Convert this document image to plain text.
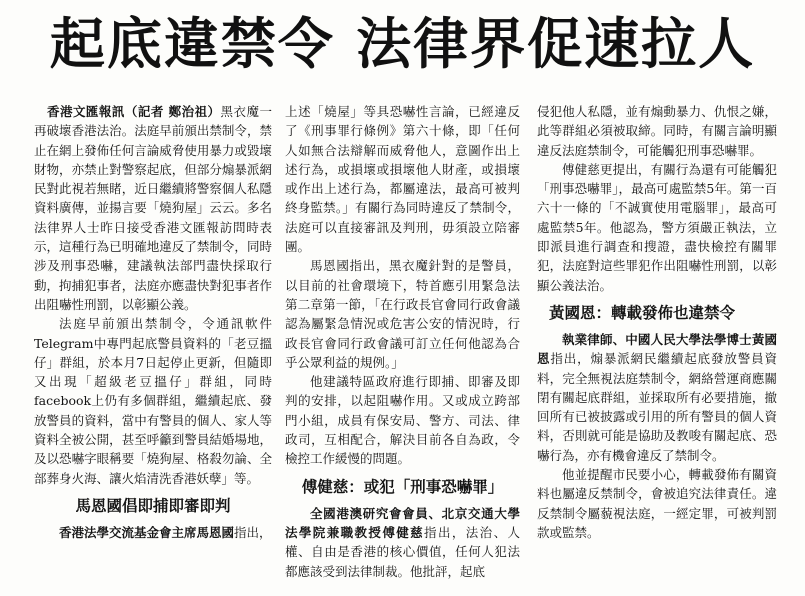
起底違禁令 法律界促速拉人

 香港文匯報訊（記者 鄭治祖）黑衣魔一再破壞香港法治。法庭早前頒出禁制令，禁止在網上發佈任何言論威脅使用暴力或毀壞財物，亦禁止對警察起底，但部分煽暴派網民對此視若無睹，近日繼續將警察個人私隱資料廣傳，並揚言要「燒狗屋」云云。多名法律界人士昨日接受香港文匯報訪問時表示，這種行為已明確地違反了禁制令，同時涉及刑事恐嚇，建議執法部門盡快採取行動，拘捕犯事者，法庭亦應盡快對犯事者作出阻嚇性刑罰，以彰顯公義。

法庭早前頒出禁制令，令通訊軟件Telegram中專門起底警員資料的「老豆搵仔」群組，於本月7日起停止更新，但隨即又出現「超級老豆搵仔」群組，同時facebook上仍有多個群組，繼續起底、發放警員的資料，當中有警員的個人、家人等資料全被公開，甚至呼籲到警員結婚場地，及以恐嚇字眼稱要「燒狗屋、格殺勿論、全部葬身火海、讓火焰清洗香港妖孽」等。

馬恩國倡即捕即審即判

香港法學交流基金會主席馬恩國指出，

上述「燒屋」等具恐嚇性言論，已經違反了《刑事罪行條例》第六十條，即「任何人如無合法辯解而威脅他人，意圖作出上述行為，或損壞或損壞他人財產，或損壞或作出上述行為，都屬違法，最高可被判終身監禁。」有關行為同時違反了禁制令，法庭可以直接審訊及判刑，毋須設立陪審團。

馬恩國指出，黑衣魔針對的是警員，以目前的社會環境下，特首應引用緊急法第二章第一節，「在行政長官會同行政會議認為屬緊急情況或危害公安的情況時，行政長官會同行政會議可訂立任何他認為合乎公眾利益的規例。」

他建議特區政府進行即捕、即審及即判的安排，以起阻嚇作用。又或成立跨部門小組，成員有保安局、警方、司法、律政司，互相配合，解決目前各自為政，令檢控工作緩慢的問題。

傅健慈：或犯「刑事恐嚇罪」

全國港澳研究會會員、北京交通大學法學院兼職教授傅健慈指出，法治、人權、自由是香港的核心價值，任何人犯法都應該受到法律制裁。他批評，起底

侵犯他人私隱，並有煽動暴力、仇恨之嫌，此等群組必須被取締。同時，有關言論明顯違反法庭禁制令，可能觸犯刑事恐嚇罪。

傅健慈更提出，有關行為還有可能觸犯「刑事恐嚇罪」，最高可處監禁5年。第一百六十一條的「不誠實使用電腦罪」，最高可處監禁5年。他認為，警方須嚴正執法，立即派員進行調查和搜證，盡快檢控有關罪犯，法庭對這些罪犯作出阻嚇性刑罰，以彰顯公義法治。

黃國恩：轉載發佈也違禁令

執業律師、中國人民大學法學博士黃國恩指出，煽暴派網民繼續起底發放警員資料，完全無視法庭禁制令，網絡營運商應關閉有關起底群組，並採取所有必要措施，撤回所有已被披露或引用的所有警員的個人資料，否則就可能是協助及教唆有關起底、恐嚇行為，亦有機會違反了禁制令。

他並提醒市民要小心，轉載發佈有關資料也屬違反禁制令，會被追究法律責任。違反禁制令屬藐視法庭，一經定罪，可被判罰款或監禁。
